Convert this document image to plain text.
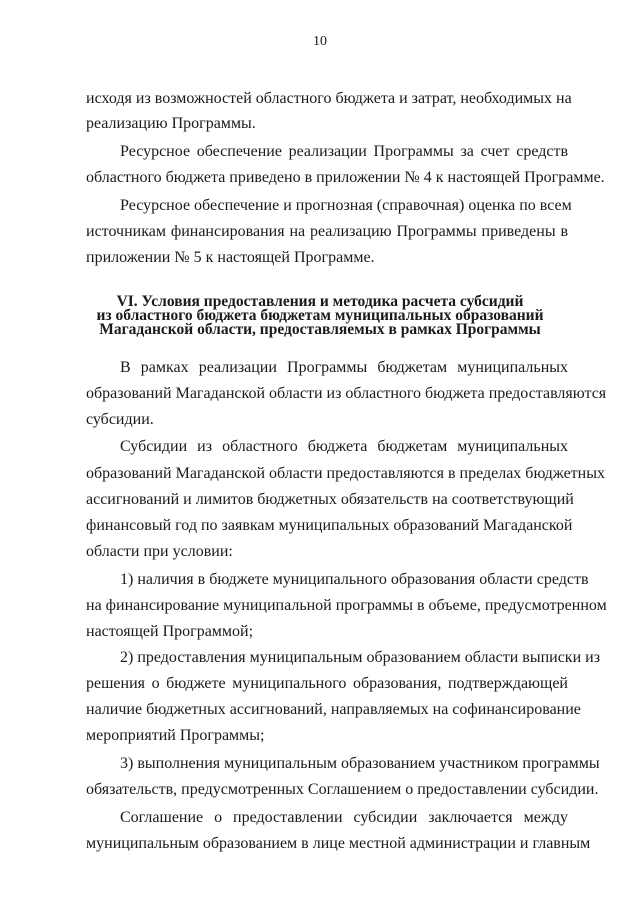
10
исходя из возможностей областного бюджета и затрат, необходимых на
реализацию Программы.
Ресурсное обеспечение реализации Программы за счет средств
областного бюджета приведено в приложении № 4 к настоящей Программе.
Ресурсное обеспечение и прогнозная (справочная) оценка по всем
источникам финансирования на реализацию Программы приведены в
приложении № 5 к настоящей Программе.
VI. Условия предоставления и методика расчета субсидий
из областного бюджета бюджетам муниципальных образований
Магаданской области, предоставляемых в рамках Программы
В рамках реализации Программы бюджетам муниципальных
образований Магаданской области из областного бюджета предоставляются
субсидии.
Субсидии из областного бюджета бюджетам муниципальных
образований Магаданской области предоставляются в пределах бюджетных
ассигнований и лимитов бюджетных обязательств на соответствующий
финансовый год по заявкам муниципальных образований Магаданской
области при условии:
1) наличия в бюджете муниципального образования области средств
на финансирование муниципальной программы в объеме, предусмотренном
настоящей Программой;
2) предоставления муниципальным образованием области выписки из
решения о бюджете муниципального образования, подтверждающей
наличие бюджетных ассигнований, направляемых на софинансирование
мероприятий Программы;
3) выполнения муниципальным образованием участником программы
обязательств, предусмотренных Соглашением о предоставлении субсидии.
Соглашение о предоставлении субсидии заключается между
муниципальным образованием в лице местной администрации и главным
